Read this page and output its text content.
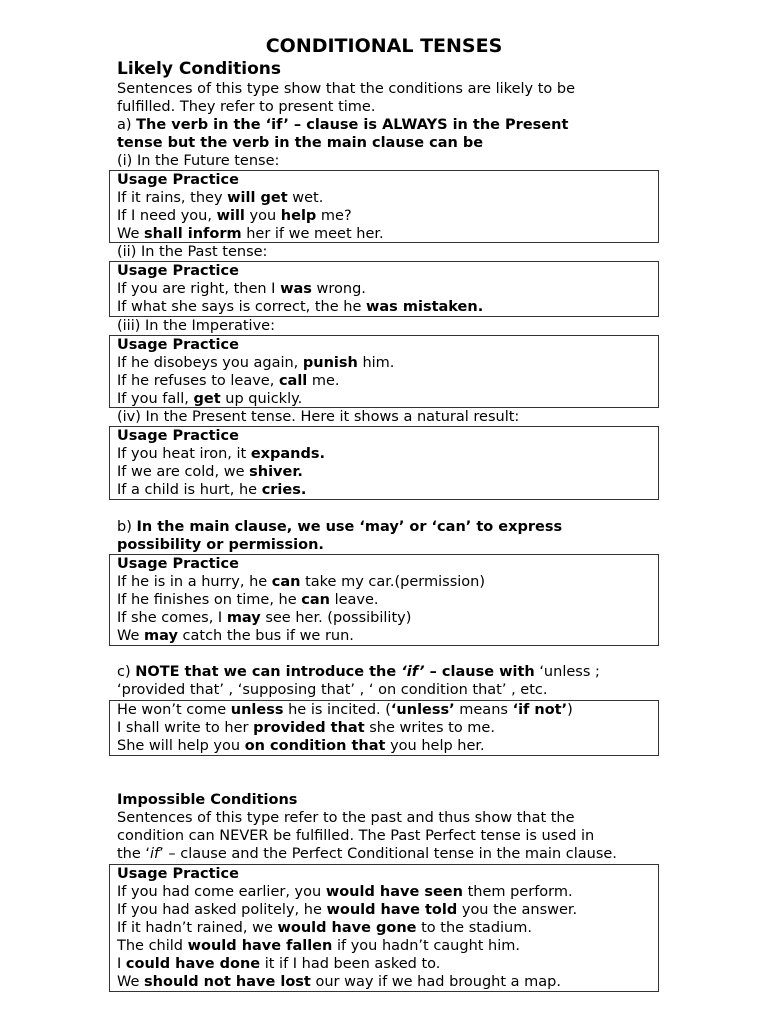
CONDITIONAL TENSES
Likely Conditions
Sentences of this type show that the conditions are likely to be
fulfilled. They refer to present time.
a) The verb in the ‘if’ – clause is ALWAYS in the Present
tense but the verb in the main clause can be
(i) In the Future tense:
Usage Practice
If it rains, they will get wet.
If I need you, will you help me?
We shall inform her if we meet her.
(ii) In the Past tense:
Usage Practice
If you are right, then I was wrong.
If what she says is correct, the he was mistaken.
(iii) In the Imperative:
Usage Practice
If he disobeys you again, punish him.
If he refuses to leave, call me.
If you fall, get up quickly.
(iv) In the Present tense. Here it shows a natural result:
Usage Practice
If you heat iron, it expands.
If we are cold, we shiver.
If a child is hurt, he cries.
b) In the main clause, we use ‘may’ or ‘can’ to express
possibility or permission.
Usage Practice
If he is in a hurry, he can take my car.(permission)
If he finishes on time, he can leave.
If she comes, I may see her. (possibility)
We may catch the bus if we run.
c) NOTE that we can introduce the ‘if’ – clause with ‘unless ;
‘provided that’ , ‘supposing that’ , ‘ on condition that’ , etc.
He won’t come unless he is incited. (‘unless’ means ‘if not’)
I shall write to her provided that she writes to me.
She will help you on condition that you help her.
Impossible Conditions
Sentences of this type refer to the past and thus show that the
condition can NEVER be fulfilled. The Past Perfect tense is used in
the ‘if’ – clause and the Perfect Conditional tense in the main clause.
Usage Practice
If you had come earlier, you would have seen them perform.
If you had asked politely, he would have told you the answer.
If it hadn’t rained, we would have gone to the stadium.
The child would have fallen if you hadn’t caught him.
I could have done it if I had been asked to.
We should not have lost our way if we had brought a map.
